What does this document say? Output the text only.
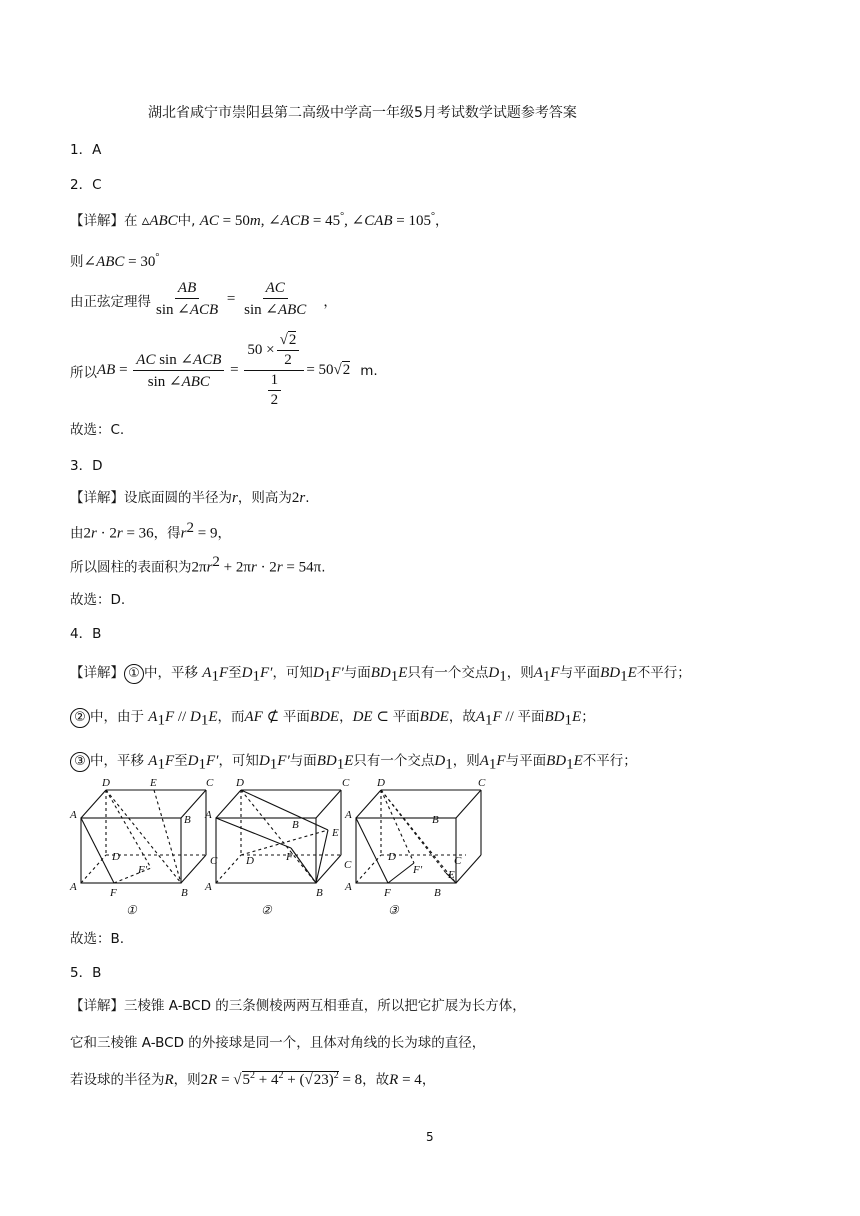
湖北省咸宁市崇阳县第二高级中学高一年级5月考试数学试题参考答案
1．A
2．C
【详解】在 ▵ABC中, AC = 50m, ∠ACB = 45°, ∠CAB = 105°，
则∠ABC = 30°
由正弦定理得 $\frac{AB}{\text{sin ∠ACB}} = \frac{AC}{\text{sin ∠ABC}}$ ，
所以 AB = $\frac{\text{AC sin ∠ACB}}{\text{sin ∠ABC}} = \frac{50 \times \frac{√2}{2}}{\frac{1}{2}} = 50√2$ m.
故选：C.
3．D
【详解】设底面圆的半径为r，则高为2r.
由2r · 2r = 36，得$r^2 = 9$，
所以圆柱的表面积为$2\pi r^2 + 2\pi r \cdot 2r = 54\pi$.
故选：D.
4．B
【详解】 ① 中，平移 $A_1F$至$D_1F'$，可知$D_1F'$与面$BD_1E$只有一个交点$D_1$，则$A_1F$与平面$BD_1E$不平行；
② 中，由于 $A_1F // D_1E$，而AF ⊄ 平面BDE，DE ⊂ 平面BDE，故$A_1F$ // 平面$BD_1E$；
③ 中，平移 $A_1F$至$D_1F'$，可知$D_1F'$与面$BD_1E$只有一个交点$D_1$，则$A_1F$与平面$BD_1E$不平行；
D	E	C
A	B
D	C
F′
A	F	B
D	C
A
B
E
F
D	C
A	B
D	C
A	B
D	C
F′ E
A	F	B
①	②	③
故选：B.
5．B
【详解】三棱锥 A-BCD 的三条侧棱两两互相垂直，所以把它扩展为长方体，
它和三棱锥 A-BCD 的外接球是同一个，且体对角线的长为球的直径，
若设球的半径为R，则$2R = √5^2 + 4^2 + (√23)^2 = 8$，故R = 4，
5
